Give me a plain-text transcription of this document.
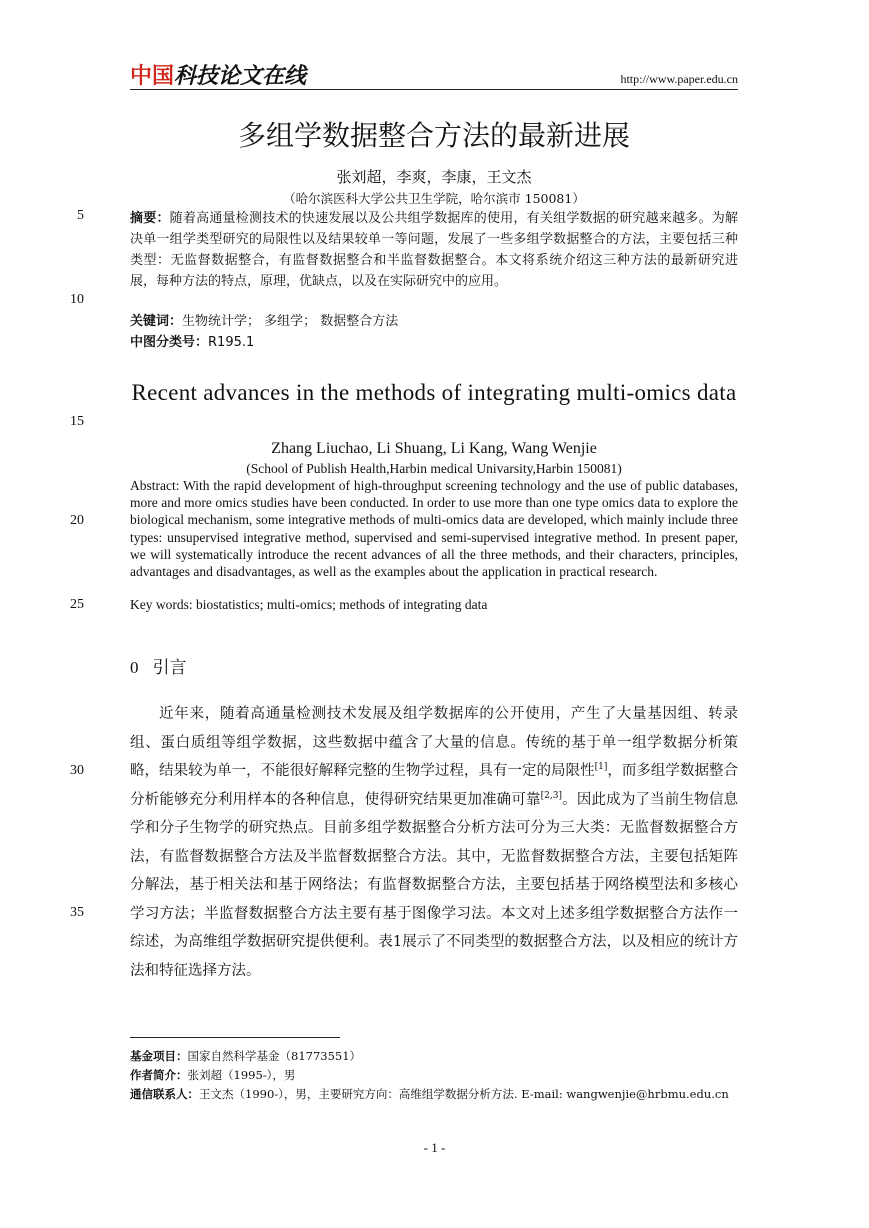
中国科技论文在线	http://www.paper.edu.cn
5
10
15
20
25
30
35
多组学数据整合方法的最新进展
张刘超，李爽，李康，王文杰
（哈尔滨医科大学公共卫生学院，哈尔滨市 150081）
摘要：随着高通量检测技术的快速发展以及公共组学数据库的使用，有关组学数据的研究越来越多。为解决单一组学类型研究的局限性以及结果较单一等问题，发展了一些多组学数据整合的方法，主要包括三种类型：无监督数据整合，有监督数据整合和半监督数据整合。本文将系统介绍这三种方法的最新研究进展，每种方法的特点，原理，优缺点，以及在实际研究中的应用。
关键词：生物统计学； 多组学； 数据整合方法
中图分类号：R195.1
Recent advances in the methods of integrating multi-omics data
Zhang Liuchao, Li Shuang, Li Kang, Wang Wenjie
(School of Publish Health,Harbin medical Univarsity,Harbin 150081)
Abstract: With the rapid development of high-throughput screening technology and the use of public databases, more and more omics studies have been conducted. In order to use more than one type omics data to explore the biological mechanism, some integrative methods of multi-omics data are developed, which mainly include three types: unsupervised integrative method, supervised and semi-supervised integrative method. In present paper, we will systematically introduce the recent advances of all the three methods, and their characters, principles, advantages and disadvantages, as well as the examples about the application in practical research.
Key words: biostatistics; multi-omics; methods of integrating data
0 引言
近年来，随着高通量检测技术发展及组学数据库的公开使用，产生了大量基因组、转录组、蛋白质组等组学数据，这些数据中蕴含了大量的信息。传统的基于单一组学数据分析策略，结果较为单一，不能很好解释完整的生物学过程，具有一定的局限性[1]，而多组学数据整合分析能够充分利用样本的各种信息，使得研究结果更加准确可靠[2,3]。因此成为了当前生物信息学和分子生物学的研究热点。目前多组学数据整合分析方法可分为三大类：无监督数据整合方法，有监督数据整合方法及半监督数据整合方法。其中，无监督数据整合方法，主要包括矩阵分解法，基于相关法和基于网络法；有监督数据整合方法，主要包括基于网络模型法和多核心学习方法；半监督数据整合方法主要有基于图像学习法。本文对上述多组学数据整合方法作一综述，为高维组学数据研究提供便利。表1展示了不同类型的数据整合方法，以及相应的统计方法和特征选择方法。
基金项目：国家自然科学基金（81773551）
作者简介：张刘超（1995-），男
通信联系人：王文杰（1990-），男，主要研究方向：高维组学数据分析方法. E-mail: wangwenjie@hrbmu.edu.cn
- 1 -
